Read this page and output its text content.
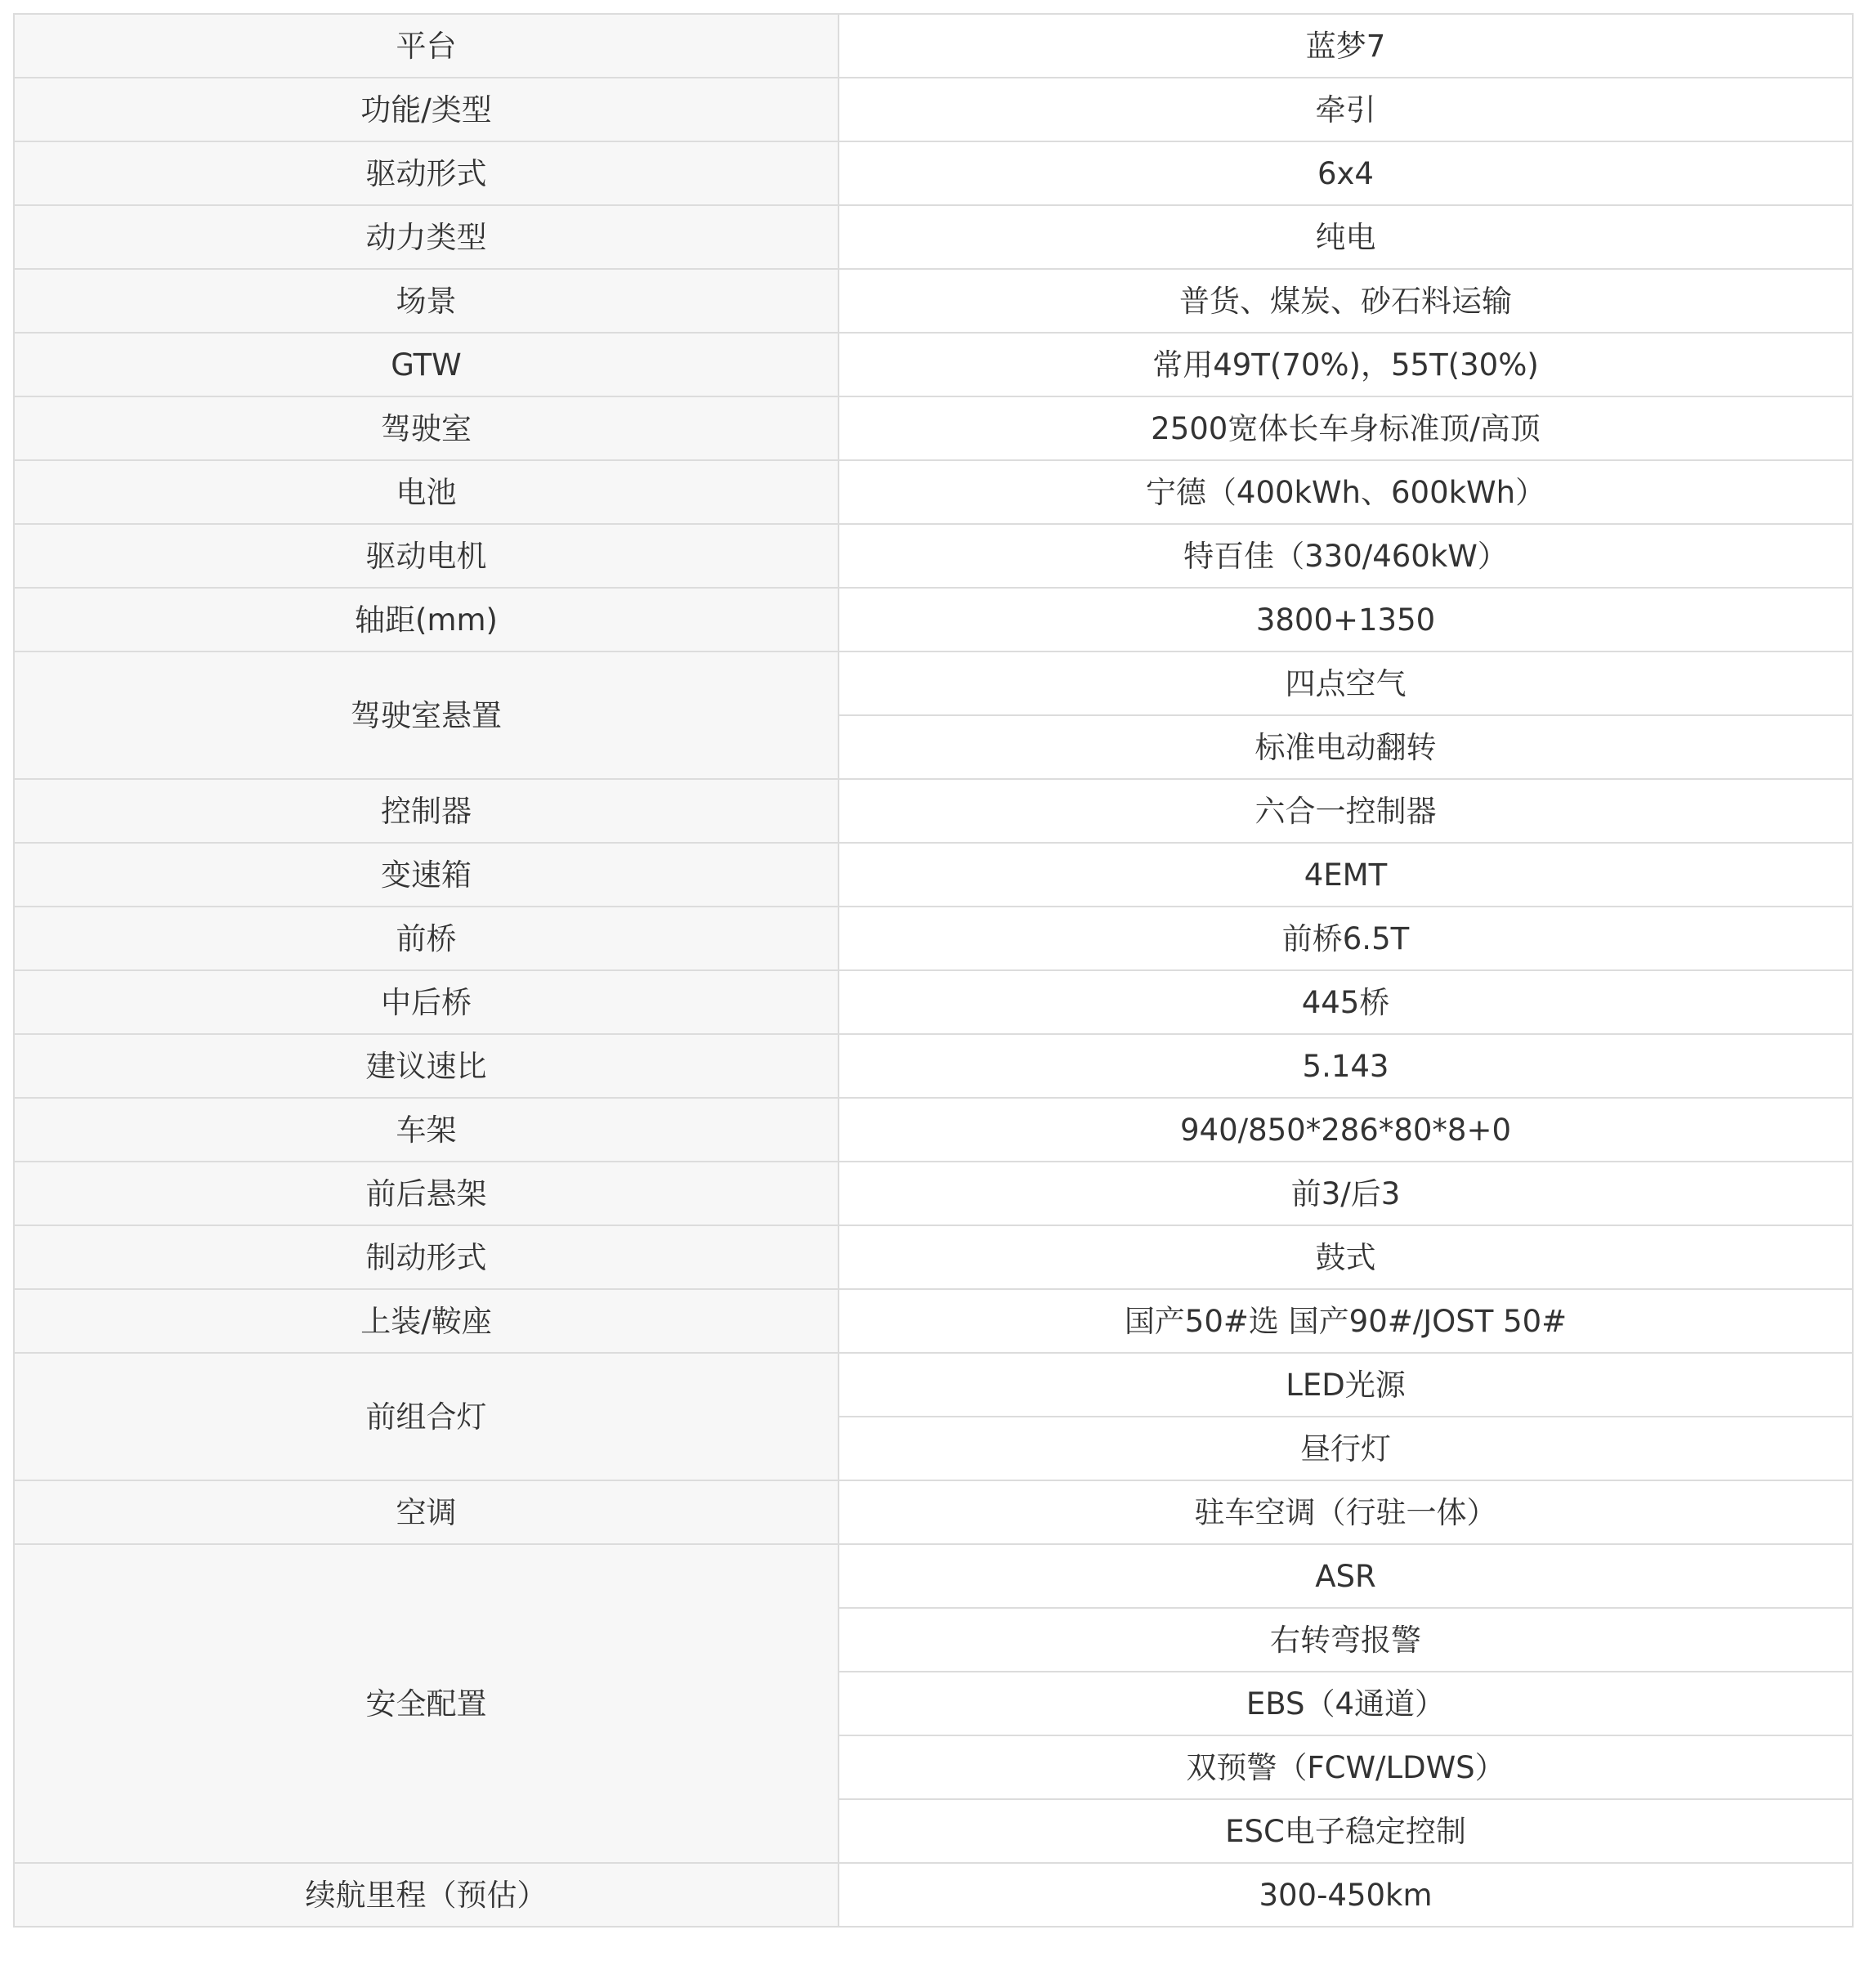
平台	蓝梦7
功能/类型	牵引
驱动形式	6x4
动力类型	纯电
场景	普货、煤炭、砂石料运输
GTW	常用49T(70%)，55T(30%)
驾驶室	2500宽体长车身标准顶/高顶
电池	宁德（400kWh、600kWh）
驱动电机	特百佳（330/460kW）
轴距(mm)	3800+1350
驾驶室悬置	四点空气
	标准电动翻转
控制器	六合一控制器
变速箱	4EMT
前桥	前桥6.5T
中后桥	445桥
建议速比	5.143
车架	940/850*286*80*8+0
前后悬架	前3/后3
制动形式	鼓式
上装/鞍座	国产50#选 国产90#/JOST 50#
前组合灯	LED光源
	昼行灯
空调	驻车空调（行驻一体）
安全配置	ASR
	右转弯报警
	EBS（4通道）
	双预警（FCW/LDWS）
	ESC电子稳定控制
续航里程（预估）	300-450km
